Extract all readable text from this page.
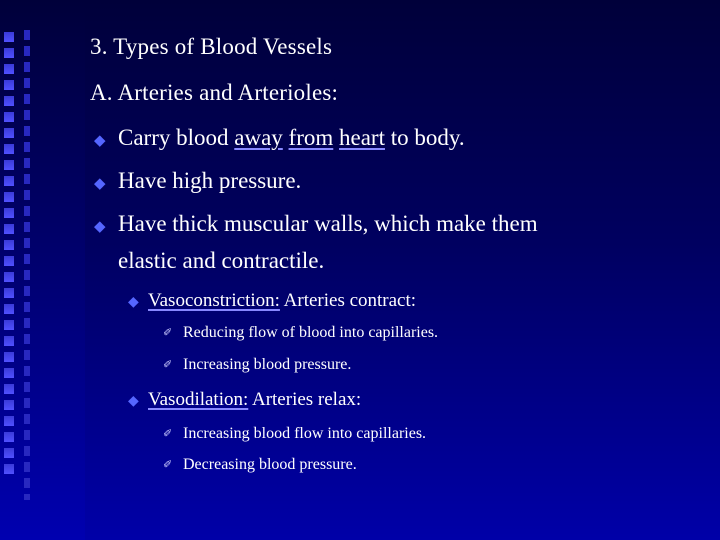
3. Types of Blood Vessels
A. Arteries and Arterioles:
◆ Carry blood away from heart to body.
◆ Have high pressure.
◆ Have thick muscular walls, which make them
elastic and contractile.
◆ Vasoconstriction: Arteries contract:
✐ Reducing flow of blood into capillaries.
✐ Increasing blood pressure.
◆ Vasodilation: Arteries relax:
✐ Increasing blood flow into capillaries.
✐ Decreasing blood pressure.
